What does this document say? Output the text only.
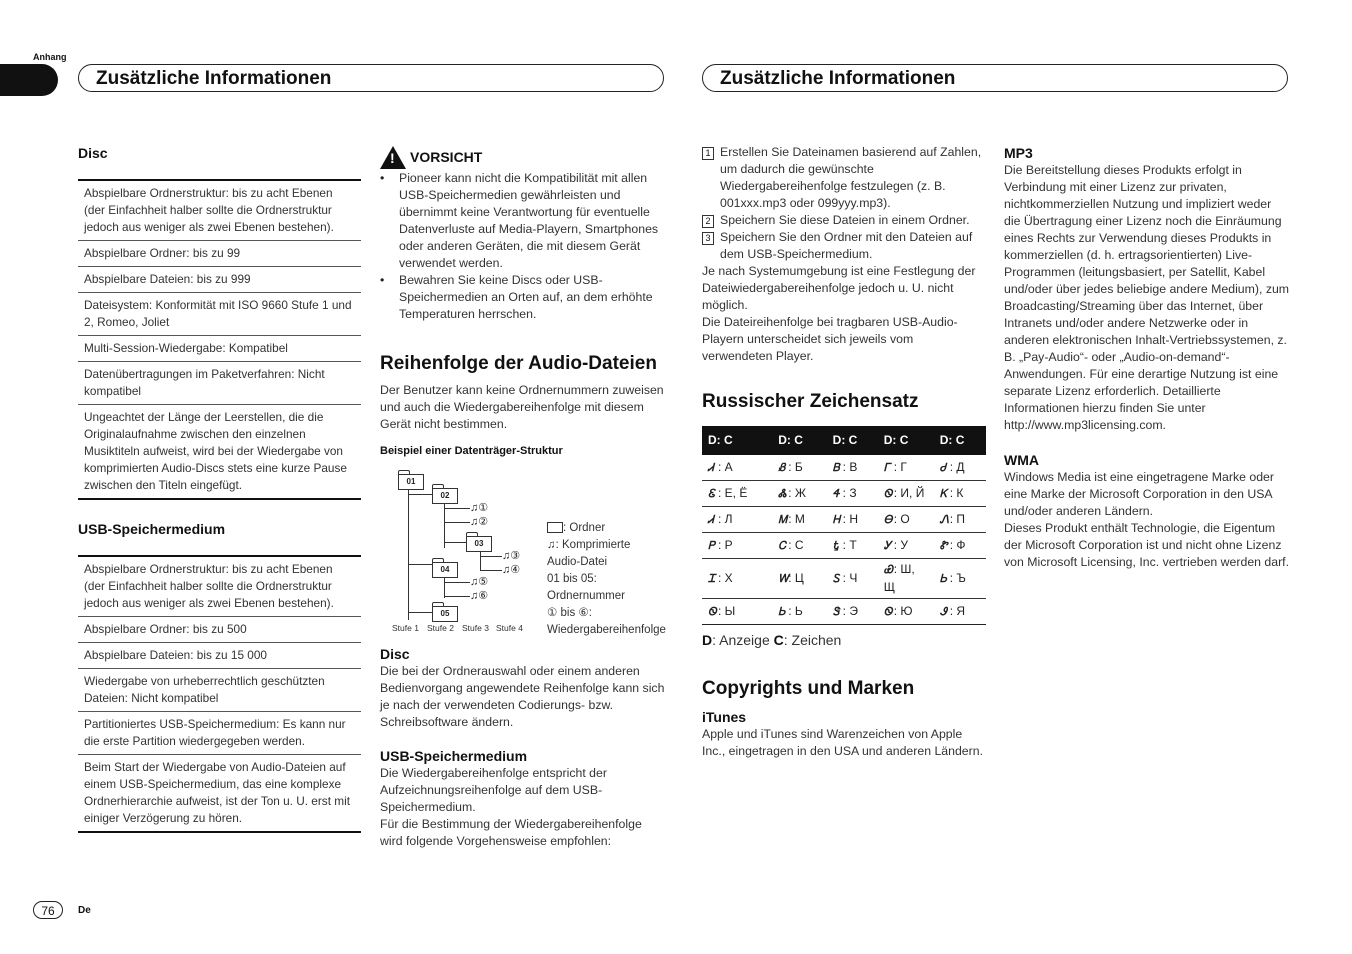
Anhang
Zusätzliche Informationen	Zusätzliche Informationen
Disc
Abspielbare Ordnerstruktur: bis zu acht Ebenen (der Einfachheit halber sollte die Ordnerstruktur jedoch aus weniger als zwei Ebenen bestehen).
Abspielbare Ordner: bis zu 99
Abspielbare Dateien: bis zu 999
Dateisystem: Konformität mit ISO 9660 Stufe 1 und 2, Romeo, Joliet
Multi-Session-Wiedergabe: Kompatibel
Datenübertragungen im Paketverfahren: Nicht kompatibel
Ungeachtet der Länge der Leerstellen, die die Originalaufnahme zwischen den einzelnen Musiktiteln aufweist, wird bei der Wiedergabe von komprimierten Audio-Discs stets eine kurze Pause zwischen den Titeln eingefügt.
USB-Speichermedium
Abspielbare Ordnerstruktur: bis zu acht Ebenen (der Einfachheit halber sollte die Ordnerstruktur jedoch aus weniger als zwei Ebenen bestehen).
Abspielbare Ordner: bis zu 500
Abspielbare Dateien: bis zu 15 000
Wiedergabe von urheberrechtlich geschützten Dateien: Nicht kompatibel
Partitioniertes USB-Speichermedium: Es kann nur die erste Partition wiedergegeben werden.
Beim Start der Wiedergabe von Audio-Dateien auf einem USB-Speichermedium, das eine komplexe Ordnerhierarchie aufweist, ist der Ton u. U. erst mit einiger Verzögerung zu hören.
! VORSICHT
• Pioneer kann nicht die Kompatibilität mit allen USB-Speichermedien gewährleisten und übernimmt keine Verantwortung für eventuelle Datenverluste auf Media-Playern, Smartphones oder anderen Geräten, die mit diesem Gerät verwendet werden.
• Bewahren Sie keine Discs oder USB-Speichermedien an Orten auf, an dem erhöhte Temperaturen herrschen.
Reihenfolge der Audio-Dateien
Der Benutzer kann keine Ordnernummern zuweisen und auch die Wiedergabereihenfolge mit diesem Gerät nicht bestimmen.
Beispiel einer Datenträger-Struktur
01
02
03
04
05
♫①
♫②
♫③
♫④
♫⑤
♫⑥
Stufe 1 Stufe 2 Stufe 3 Stufe 4
: Ordner
♫: Komprimierte Audio-Datei
01 bis 05: Ordnernummer
① bis ⑥: Wiedergabereihenfolge
Disc
Die bei der Ordnerauswahl oder einem anderen Bedienvorgang angewendete Reihenfolge kann sich je nach der verwendeten Codierungs- bzw. Schreibsoftware ändern.
USB-Speichermedium
Die Wiedergabereihenfolge entspricht der Aufzeichnungsreihenfolge auf dem USB-Speichermedium.
Für die Bestimmung der Wiedergabereihenfolge wird folgende Vorgehensweise empfohlen:
1 Erstellen Sie Dateinamen basierend auf Zahlen, um dadurch die gewünschte Wiedergabereihenfolge festzulegen (z. B. 001xxx.mp3 oder 099yyy.mp3).
2 Speichern Sie diese Dateien in einem Ordner.
3 Speichern Sie den Ordner mit den Dateien auf dem USB-Speichermedium.
Je nach Systemumgebung ist eine Festlegung der Dateiwiedergabereihenfolge jedoch u. U. nicht möglich.
Die Dateireihenfolge bei tragbaren USB-Audio-Playern unterscheidet sich jeweils vom verwendeten Player.
Russischer Zeichensatz
D: C	D: C	D: C	D: C	D: C
Ꮧ : А	Ᏸ : Б	Ᏼ : В	Ꮁ : Г	Ꮷ : Д
Ꮛ : Е, Ё	Ꮬ : Ж	Ꮞ : З	Ꮻ: И, Й	Ꮶ : К
Ꮧ : Л	Ꮇ: М	Ꮋ : Н	Ꮎ: О	Ꮑ: П
Ꮲ : Р	Ꮯ : С	Ꮏ : Т	Ꭹ : У	Ꮡ : Ф
Ꮖ : Х	Ꮃ: Ц	Ꮪ : Ч	Ꮿ: Ш, Щ	Ꮟ : Ъ
Ꮻ: Ы	Ꮟ : Ь	Ꮥ : Э	Ꮻ: Ю	Ꮽ : Я
D: Anzeige C: Zeichen
Copyrights und Marken
iTunes
Apple und iTunes sind Warenzeichen von Apple Inc., eingetragen in den USA und anderen Ländern.
MP3
Die Bereitstellung dieses Produkts erfolgt in Verbindung mit einer Lizenz zur privaten, nichtkommerziellen Nutzung und impliziert weder die Übertragung einer Lizenz noch die Einräumung eines Rechts zur Verwendung dieses Produkts in kommerziellen (d. h. ertragsorientierten) Live-Programmen (leitungsbasiert, per Satellit, Kabel und/oder über jedes beliebige andere Medium), zum Broadcasting/Streaming über das Internet, über Intranets und/oder andere Netzwerke oder in anderen elektronischen Inhalt-Vertriebssystemen, z. B. „Pay-Audio“- oder „Audio-on-demand“-Anwendungen. Für eine derartige Nutzung ist eine separate Lizenz erforderlich. Detaillierte Informationen hierzu finden Sie unter
http://www.mp3licensing.com.
WMA
Windows Media ist eine eingetragene Marke oder eine Marke der Microsoft Corporation in den USA und/oder anderen Ländern.
Dieses Produkt enthält Technologie, die Eigentum der Microsoft Corporation ist und nicht ohne Lizenz von Microsoft Licensing, Inc. vertrieben werden darf.
76	De
